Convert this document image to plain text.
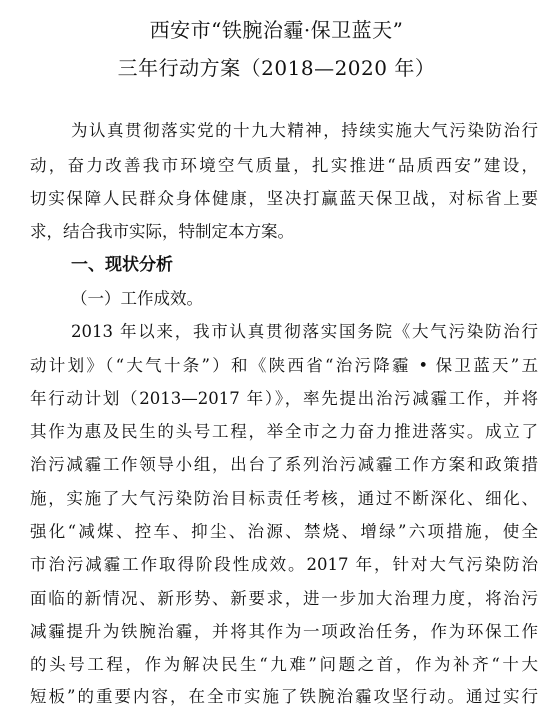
西安市“铁腕治霾·保卫蓝天”
三年行动方案（2018—2020 年）
为认真贯彻落实党的十九大精神，持续实施大气污染防治行
动，奋力改善我市环境空气质量，扎实推进“品质西安”建设，
切实保障人民群众身体健康，坚决打赢蓝天保卫战，对标省上要
求，结合我市实际，特制定本方案。
一、现状分析
（一）工作成效。
2013 年以来，我市认真贯彻落实国务院《大气污染防治行
动计划》（“大气十条”）和《陕西省“治污降霾 • 保卫蓝天”五
年行动计划（2013—2017 年）》，率先提出治污减霾工作，并将
其作为惠及民生的头号工程，举全市之力奋力推进落实。成立了
治污减霾工作领导小组，出台了系列治污减霾工作方案和政策措
施，实施了大气污染防治目标责任考核，通过不断深化、细化、
强化“减煤、控车、抑尘、治源、禁烧、增绿”六项措施，使全
市治污减霾工作取得阶段性成效。2017 年，针对大气污染防治
面临的新情况、新形势、新要求，进一步加大治理力度，将治污
减霾提升为铁腕治霾，并将其作为一项政治任务，作为环保工作
的头号工程，作为解决民生“九难”问题之首，作为补齐“十大
短板”的重要内容，在全市实施了铁腕治霾攻坚行动。通过实行
